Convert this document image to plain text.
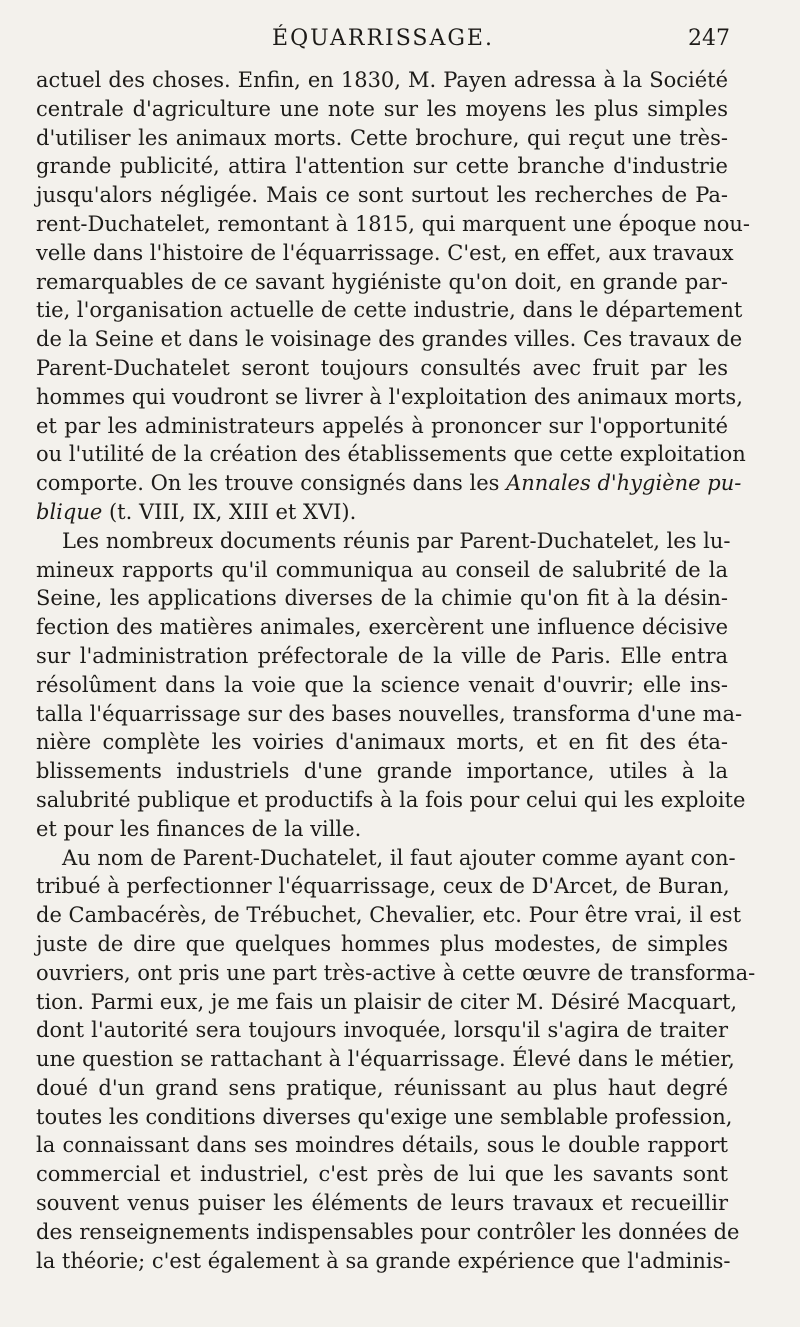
ÉQUARRISSAGE.	247
actuel des choses. Enfin, en 1830, M. Payen adressa à la Société
centrale d'agriculture une note sur les moyens les plus simples
d'utiliser les animaux morts. Cette brochure, qui reçut une très-
grande publicité, attira l'attention sur cette branche d'industrie
jusqu'alors négligée. Mais ce sont surtout les recherches de Pa-
rent-Duchatelet, remontant à 1815, qui marquent une époque nou-
velle dans l'histoire de l'équarrissage. C'est, en effet, aux travaux
remarquables de ce savant hygiéniste qu'on doit, en grande par-
tie, l'organisation actuelle de cette industrie, dans le département
de la Seine et dans le voisinage des grandes villes. Ces travaux de
Parent-Duchatelet seront toujours consultés avec fruit par les
hommes qui voudront se livrer à l'exploitation des animaux morts,
et par les administrateurs appelés à prononcer sur l'opportunité
ou l'utilité de la création des établissements que cette exploitation
comporte. On les trouve consignés dans les Annales d'hygiène pu-
blique (t. VIII, IX, XIII et XVI).
Les nombreux documents réunis par Parent-Duchatelet, les lu-
mineux rapports qu'il communiqua au conseil de salubrité de la
Seine, les applications diverses de la chimie qu'on fit à la désin-
fection des matières animales, exercèrent une influence décisive
sur l'administration préfectorale de la ville de Paris. Elle entra
résolûment dans la voie que la science venait d'ouvrir; elle ins-
talla l'équarrissage sur des bases nouvelles, transforma d'une ma-
nière complète les voiries d'animaux morts, et en fit des éta-
blissements industriels d'une grande importance, utiles à la
salubrité publique et productifs à la fois pour celui qui les exploite
et pour les finances de la ville.
Au nom de Parent-Duchatelet, il faut ajouter comme ayant con-
tribué à perfectionner l'équarrissage, ceux de D'Arcet, de Buran,
de Cambacérès, de Trébuchet, Chevalier, etc. Pour être vrai, il est
juste de dire que quelques hommes plus modestes, de simples
ouvriers, ont pris une part très-active à cette œuvre de transforma-
tion. Parmi eux, je me fais un plaisir de citer M. Désiré Macquart,
dont l'autorité sera toujours invoquée, lorsqu'il s'agira de traiter
une question se rattachant à l'équarrissage. Élevé dans le métier,
doué d'un grand sens pratique, réunissant au plus haut degré
toutes les conditions diverses qu'exige une semblable profession,
la connaissant dans ses moindres détails, sous le double rapport
commercial et industriel, c'est près de lui que les savants sont
souvent venus puiser les éléments de leurs travaux et recueillir
des renseignements indispensables pour contrôler les données de
la théorie; c'est également à sa grande expérience que l'adminis-
